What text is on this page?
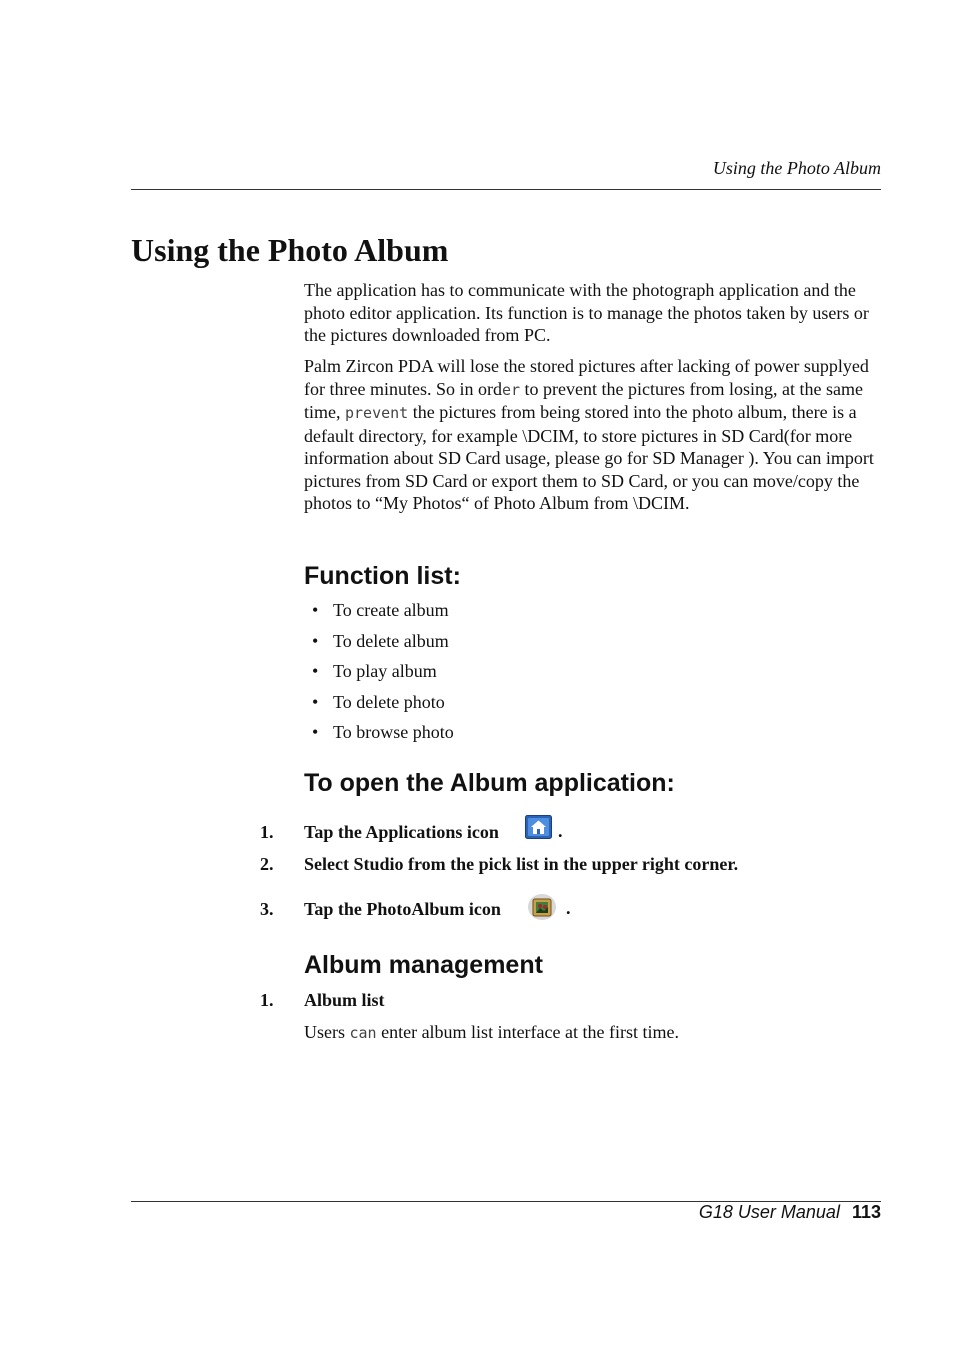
Using the Photo Album
Using the Photo Album
The application has to communicate with the photograph application and the photo editor application. Its function is to manage the photos taken by users or the pictures downloaded from PC.
Palm Zircon PDA will lose the stored pictures after lacking of power supplyed for three minutes. So in order to prevent the pictures from losing, at the same time, prevent the pictures from being stored into the photo album, there is a default directory, for example \DCIM, to store pictures in SD Card(for more information about SD Card usage, please go for SD Manager ). You can import pictures from SD Card or export them to SD Card, or you can move/copy the photos to “My Photos“ of Photo Album from \DCIM.
Function list:
• To create album
• To delete album
• To play album
• To delete photo
• To browse photo
To open the Album application:
1. Tap the Applications icon	.
2. Select Studio from the pick list in the upper right corner.
3. Tap the PhotoAlbum icon	.
Album management
1. Album list
Users can enter album list interface at the first time.
G18 User Manual 113
